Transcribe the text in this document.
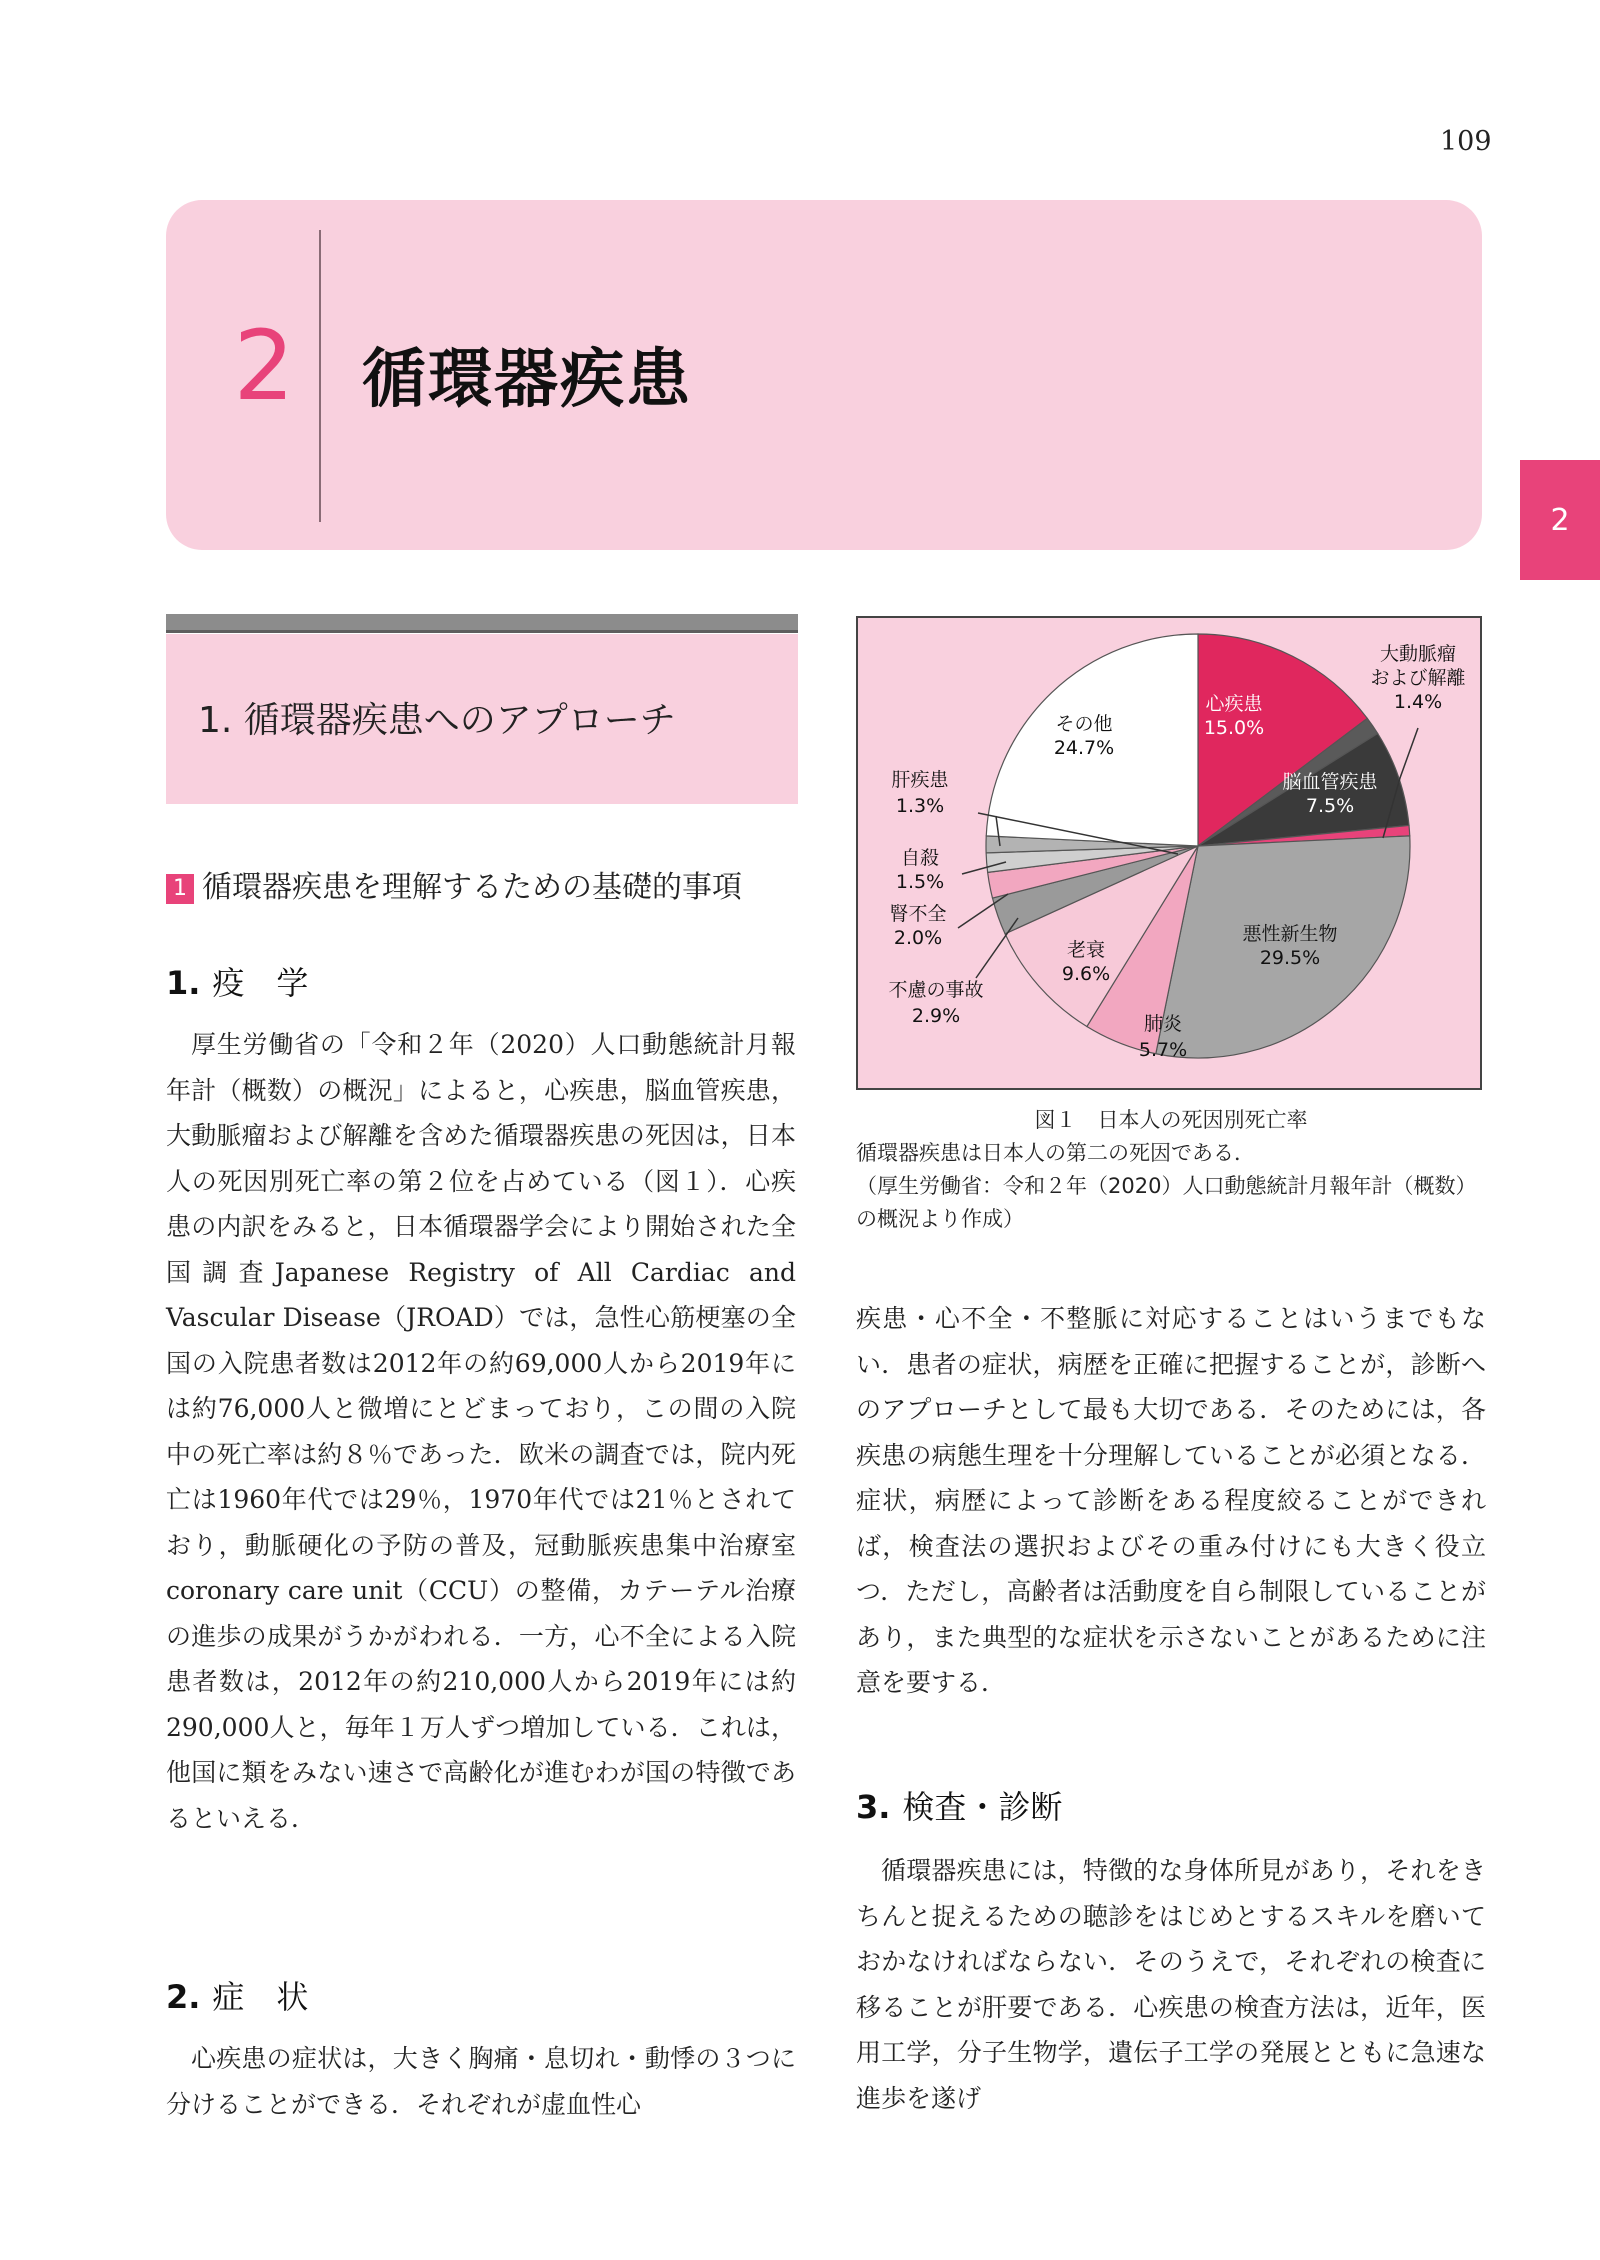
109
2	循環器疾患
2
1. 循環器疾患へのアプローチ
1 循環器疾患を理解するための基礎的事項
1. 疫　学

厚生労働省の「令和２年（2020）人口動態統計月報年計（概数）の概況」によると，心疾患，脳血管疾患，大動脈瘤および解離を含めた循環器疾患の死因は，日本人の死因別死亡率の第２位を占めている（図１）．心疾患の内訳をみると，日本循環器学会により開始された全国調査Japanese Registry of All Cardiac and Vascular Disease（JROAD）では，急性心筋梗塞の全国の入院患者数は2012年の約69,000人から2019年には約76,000人と微増にとどまっており，この間の入院中の死亡率は約８％であった．欧米の調査では，院内死亡は1960年代では29％，1970年代では21％とされており，動脈硬化の予防の普及，冠動脈疾患集中治療室coronary care unit（CCU）の整備，カテーテル治療の進歩の成果がうかがわれる．一方，心不全による入院患者数は，2012年の約210,000人から2019年には約290,000人と，毎年１万人ずつ増加している．これは，他国に類をみない速さで高齢化が進むわが国の特徴であるといえる．

2. 症　状

心疾患の症状は，大きく胸痛・息切れ・動悸の３つに分けることができる．それぞれが虚血性心

心疾患
15.0%
大動脈瘤
および解離
1.4%
脳血管疾患
7.5%
悪性新生物
29.5%
肺炎
5.7%
老衰
9.6%
不慮の事故
2.9%
腎不全
2.0%
自殺
1.5%
肝疾患
1.3%
その他
24.7%
図１　日本人の死因別死亡率
循環器疾患は日本人の第二の死因である．
（厚生労働省：令和２年（2020）人口動態統計月報年計（概数）の概況より作成）

疾患・心不全・不整脈に対応することはいうまでもない．患者の症状，病歴を正確に把握することが，診断へのアプローチとして最も大切である．そのためには，各疾患の病態生理を十分理解していることが必須となる．症状，病歴によって診断をある程度絞ることができれば，検査法の選択およびその重み付けにも大きく役立つ．ただし，高齢者は活動度を自ら制限していることがあり，また典型的な症状を示さないことがあるために注意を要する．

3. 検査・診断

循環器疾患には，特徴的な身体所見があり，それをきちんと捉えるための聴診をはじめとするスキルを磨いておかなければならない．そのうえで，それぞれの検査に移ることが肝要である．心疾患の検査方法は，近年，医用工学，分子生物学，遺伝子工学の発展とともに急速な進歩を遂げ
